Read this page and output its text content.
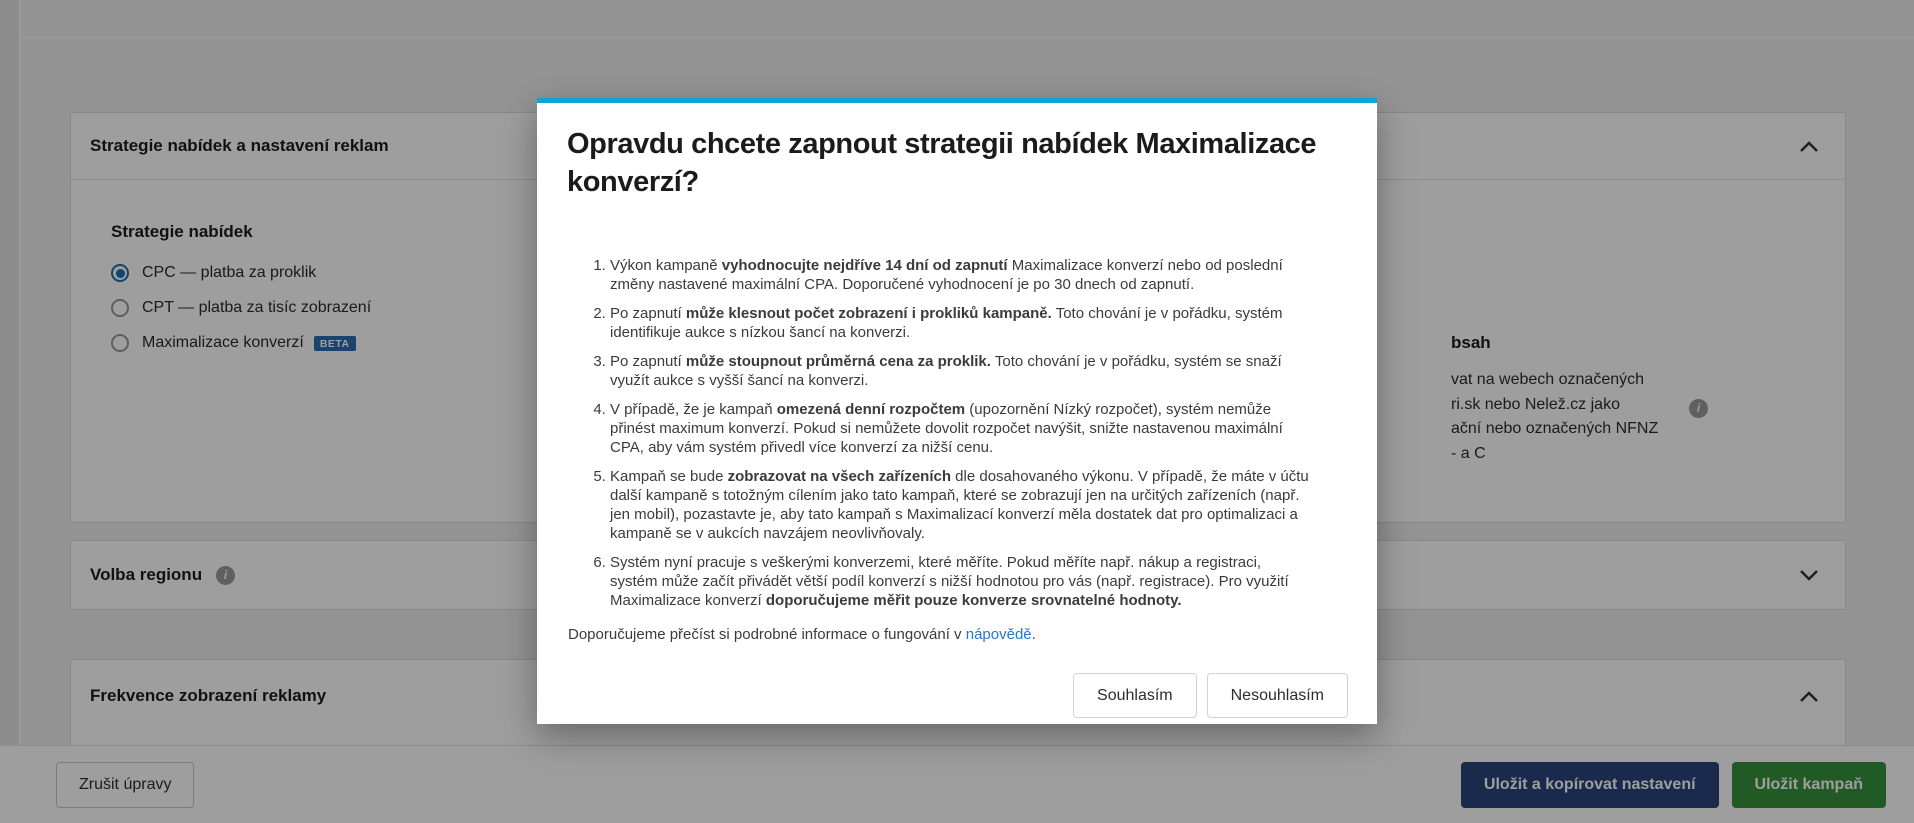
Strategie nabídek a nastavení reklam
Strategie nabídek
CPC — platba za proklik
CPT — platba za tisíc zobrazení
Maximalizace konverzí	BETA	bsah
vat na webech označených
ri.sk nebo Nelež.cz jako
ační nebo označených NFNZ
- a C
i
Volba regionu	i
Frekvence zobrazení reklamy
Zrušit úpravy	Uložit a kopírovat nastavení	Uložit kampaň
Opravdu chcete zapnout strategii nabídek Maximalizace konverzí?
1. Výkon kampaně vyhodnocujte nejdříve 14 dní od zapnutí Maximalizace konverzí nebo od poslední změny nastavené maximální CPA. Doporučené vyhodnocení je po 30 dnech od zapnutí.
2. Po zapnutí může klesnout počet zobrazení i prokliků kampaně. Toto chování je v pořádku, systém identifikuje aukce s nízkou šancí na konverzi.
3. Po zapnutí může stoupnout průměrná cena za proklik. Toto chování je v pořádku, systém se snaží využít aukce s vyšší šancí na konverzi.
4. V případě, že je kampaň omezená denní rozpočtem (upozornění Nízký rozpočet), systém nemůže přinést maximum konverzí. Pokud si nemůžete dovolit rozpočet navýšit, snižte nastavenou maximální CPA, aby vám systém přivedl více konverzí za nižší cenu.
5. Kampaň se bude zobrazovat na všech zařízeních dle dosahovaného výkonu. V případě, že máte v účtu další kampaně s totožným cílením jako tato kampaň, které se zobrazují jen na určitých zařízeních (např. jen mobil), pozastavte je, aby tato kampaň s Maximalizací konverzí měla dostatek dat pro optimalizaci a kampaně se v aukcích navzájem neovlivňovaly.
6. Systém nyní pracuje s veškerými konverzemi, které měříte. Pokud měříte např. nákup a registraci, systém může začít přivádět větší podíl konverzí s nižší hodnotou pro vás (např. registrace). Pro využití Maximalizace konverzí doporučujeme měřit pouze konverze srovnatelné hodnoty.
Doporučujeme přečíst si podrobné informace o fungování v nápovědě.
Souhlasím	Nesouhlasím
